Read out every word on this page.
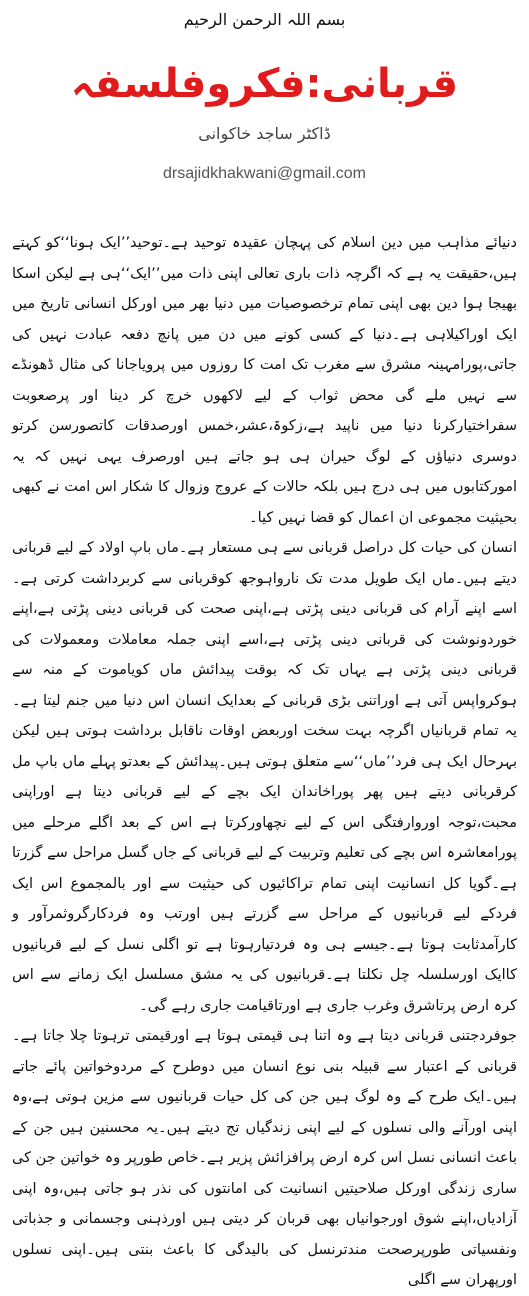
بسم اللہ الرحمن الرحیم
قربانی:فکروفلسفہ
ڈاکٹر ساجد خاکوانی
drsajidkhakwani@gmail.com

دنیائے مذاہب میں دین اسلام کی پہچان عقیدہ توحید ہے۔توحید’’ایک ہونا‘‘کو کہتے ہیں،حقیقت یہ ہے کہ اگرچہ ذات باری تعالی اپنی ذات میں’’ایک‘‘ہی ہے لیکن اسکا بھیجا ہوا دین بھی اپنی تمام ترخصوصیات میں دنیا بھر میں اورکل انسانی تاریخ میں ایک اوراکیلاہی ہے۔دنیا کے کسی کونے میں دن میں پانچ دفعہ عبادت نہیں کی جاتی،پورامہینہ مشرق سے مغرب تک امت کا روزوں میں پرویاجانا کی مثال ڈھونڈے سے نہیں ملے گی محض ثواب کے لیے لاکھوں خرچ کر دینا اور پرصعوبت سفراختیارکرنا دنیا میں ناپید ہے،زکوۃ،عشر،خمس اورصدقات کاتصورسن کرتو دوسری دنیاؤں کے لوگ حیران ہی ہو جاتے ہیں اورصرف یہی نہیں کہ یہ امورکتابوں میں ہی درج ہیں بلکہ حالات کے عروج وزوال کا شکار اس امت نے کبھی بحیثیت مجموعی ان اعمال کو قضا نہیں کیا۔

انسان کی حیات کل دراصل قربانی سے ہی مستعار ہے۔ماں باپ اولاد کے لیے قربانی دیتے ہیں۔ماں ایک طویل مدت تک نارواہوجھ کوقربانی سے کربرداشت کرتی ہے۔اسے اپنے آرام کی قربانی دینی پڑتی ہے،اپنی صحت کی قربانی دینی پڑتی ہے،اپنے خوردونوشت کی قربانی دینی پڑتی ہے،اسے اپنی جملہ معاملات ومعمولات کی قربانی دینی پڑتی ہے یہاں تک کہ بوقت پیدائش ماں کویاموت کے منہ سے ہوکرواپس آتی ہے اوراتنی بڑی قربانی کے بعدایک انسان اس دنیا میں جنم لیتا ہے۔یہ تمام قربانیاں اگرچہ بہت سخت اوربعض اوقات ناقابل برداشت ہوتی ہیں لیکن بہرحال ایک ہی فرد’’ماں‘‘سے متعلق ہوتی ہیں۔پیدائش کے بعدتو پہلے ماں باپ مل کرقربانی دیتے ہیں پھر پوراخاندان ایک بچے کے لیے قربانی دیتا ہے اوراپنی محبت،توجہ اوروارفتگی اس کے لیے نچھاورکرتا ہے اس کے بعد اگلے مرحلے میں پورامعاشرہ اس بچے کی تعلیم وتربیت کے لیے قربانی کے جاں گسل مراحل سے گزرتا ہے۔گویا کل انسانیت اپنی تمام تراکائیوں کی حیثیت سے اور بالمجموع اس ایک فردکے لیے قربانیوں کے مراحل سے گزرتے ہیں اورتب وہ فردکارگروثمرآور و کارآمدثابت ہوتا ہے۔جیسے ہی وہ فردتیارہوتا ہے تو اگلی نسل کے لیے قربانیوں کاایک اورسلسلہ چل نکلتا ہے۔قربانیوں کی یہ مشق مسلسل ایک زمانے سے اس کرہ ارض پرتاشرق وغرب جاری ہے اورتاقیامت جاری رہے گی۔

جوفردجتنی قربانی دیتا ہے وہ اتنا ہی قیمتی ہوتا ہے اورقیمتی ترہوتا چلا جاتا ہے۔قربانی کے اعتبار سے قبیلہ بنی نوع انسان میں دوطرح کے مردوخواتین پائے جاتے ہیں۔ایک طرح کے وہ لوگ ہیں جن کی کل حیات قربانیوں سے مزین ہوتی ہے،وہ اپنی اورآنے والی نسلوں کے لیے اپنی زندگیاں تج دیتے ہیں۔یہ محسنین ہیں جن کے باعث انسانی نسل اس کرہ ارض پرافزائش پزیر ہے۔خاص طورپر وہ خواتین جن کی ساری زندگی اورکل صلاحیتیں انسانیت کی امانتوں کی نذر ہو جاتی ہیں،وہ اپنی آزادیاں،اپنے شوق اورجوانیاں بھی قربان کر دیتی ہیں اورذہنی وجسمانی و جذباتی ونفسیاتی طورپرصحت مندترنسل کی بالیدگی کا باعث بنتی ہیں۔اپنی نسلوں اورپھران سے اگلی
